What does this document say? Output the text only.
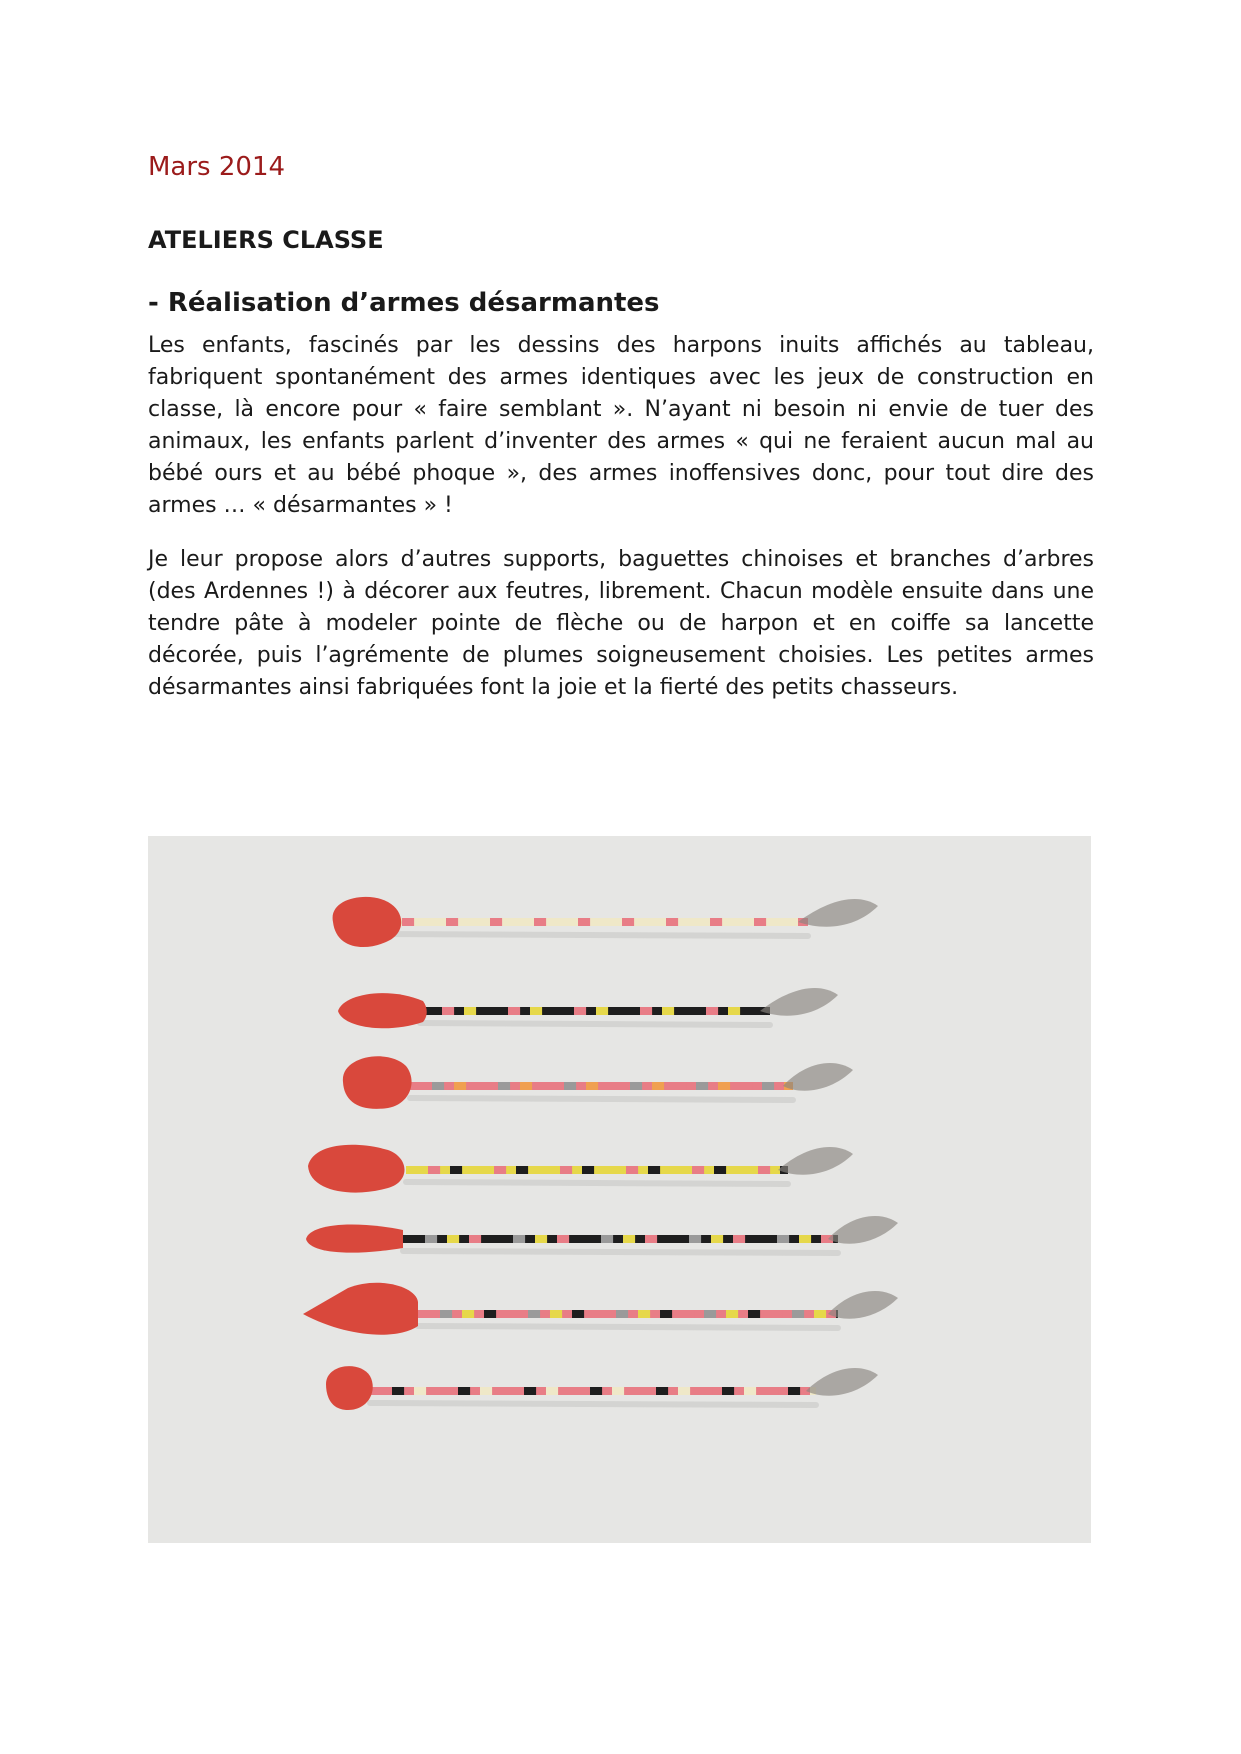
Mars 2014
ATELIERS CLASSE
- Réalisation d’armes désarmantes

Les enfants, fascinés par les dessins des harpons inuits affichés au tableau, fabriquent spontanément des armes identiques avec les jeux de construction en classe, là encore pour « faire semblant ». N’ayant ni besoin ni envie de tuer des animaux, les enfants parlent d’inventer des armes « qui ne feraient aucun mal au bébé ours et au bébé phoque », des armes inoffensives donc, pour tout dire des armes … « désarmantes » !

Je leur propose alors d’autres supports, baguettes chinoises et branches d’arbres (des Ardennes !) à décorer aux feutres, librement. Chacun modèle ensuite dans une tendre pâte à modeler pointe de flèche ou de harpon et en coiffe sa lancette décorée, puis l’agrémente de plumes soigneusement choisies. Les petites armes désarmantes ainsi fabriquées font la joie et la fierté des petits chasseurs.
